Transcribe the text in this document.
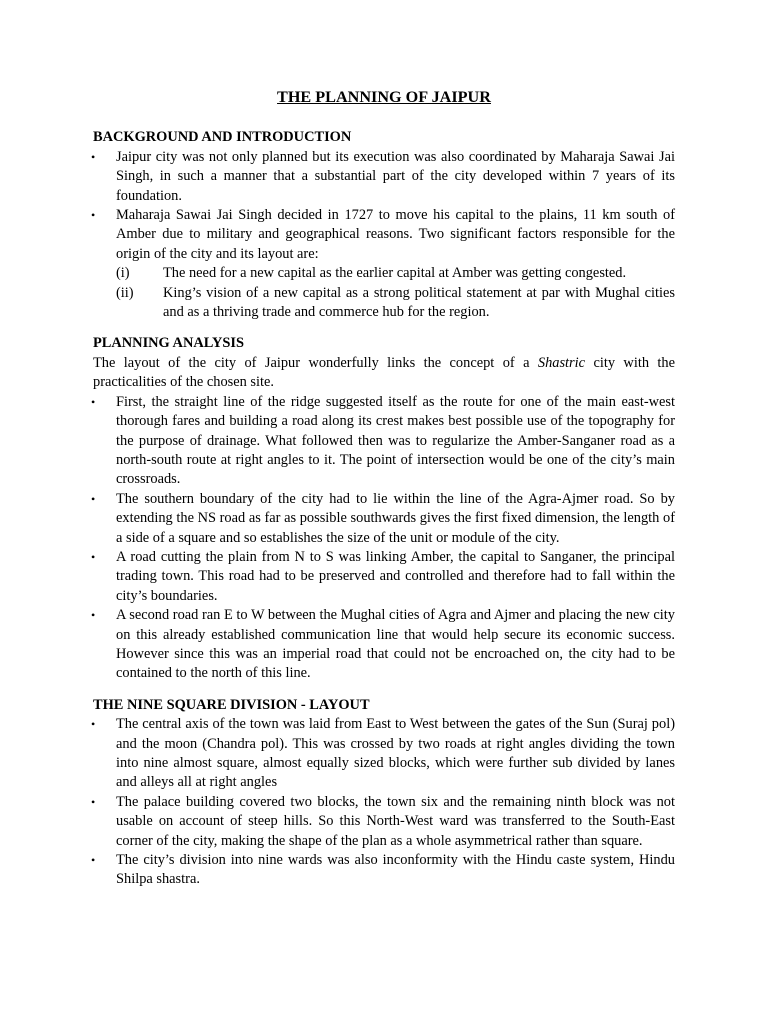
THE PLANNING OF JAIPUR
BACKGROUND AND INTRODUCTION
• Jaipur city was not only planned but its execution was also coordinated by Maharaja Sawai Jai Singh, in such a manner that a substantial part of the city developed within 7 years of its foundation.
• Maharaja Sawai Jai Singh decided in 1727 to move his capital to the plains, 11 km south of Amber due to military and geographical reasons. Two significant factors responsible for the origin of the city and its layout are:
(i)	The need for a new capital as the earlier capital at Amber was getting congested.
(ii)	King’s vision of a new capital as a strong political statement at par with Mughal cities and as a thriving trade and commerce hub for the region.
PLANNING ANALYSIS

The layout of the city of Jaipur wonderfully links the concept of a Shastric city with the practicalities of the chosen site.

• First, the straight line of the ridge suggested itself as the route for one of the main east-west thorough fares and building a road along its crest makes best possible use of the topography for the purpose of drainage. What followed then was to regularize the Amber-Sanganer road as a north-south route at right angles to it. The point of intersection would be one of the city’s main crossroads.
• The southern boundary of the city had to lie within the line of the Agra-Ajmer road. So by extending the NS road as far as possible southwards gives the first fixed dimension, the length of a side of a square and so establishes the size of the unit or module of the city.
• A road cutting the plain from N to S was linking Amber, the capital to Sanganer, the principal trading town. This road had to be preserved and controlled and therefore had to fall within the city’s boundaries.
• A second road ran E to W between the Mughal cities of Agra and Ajmer and placing the new city on this already established communication line that would help secure its economic success. However since this was an imperial road that could not be encroached on, the city had to be contained to the north of this line.
THE NINE SQUARE DIVISION - LAYOUT
• The central axis of the town was laid from East to West between the gates of the Sun (Suraj pol) and the moon (Chandra pol). This was crossed by two roads at right angles dividing the town into nine almost square, almost equally sized blocks, which were further sub divided by lanes and alleys all at right angles
• The palace building covered two blocks, the town six and the remaining ninth block was not usable on account of steep hills. So this North-West ward was transferred to the South-East corner of the city, making the shape of the plan as a whole asymmetrical rather than square.
• The city’s division into nine wards was also inconformity with the Hindu caste system, Hindu Shilpa shastra.
